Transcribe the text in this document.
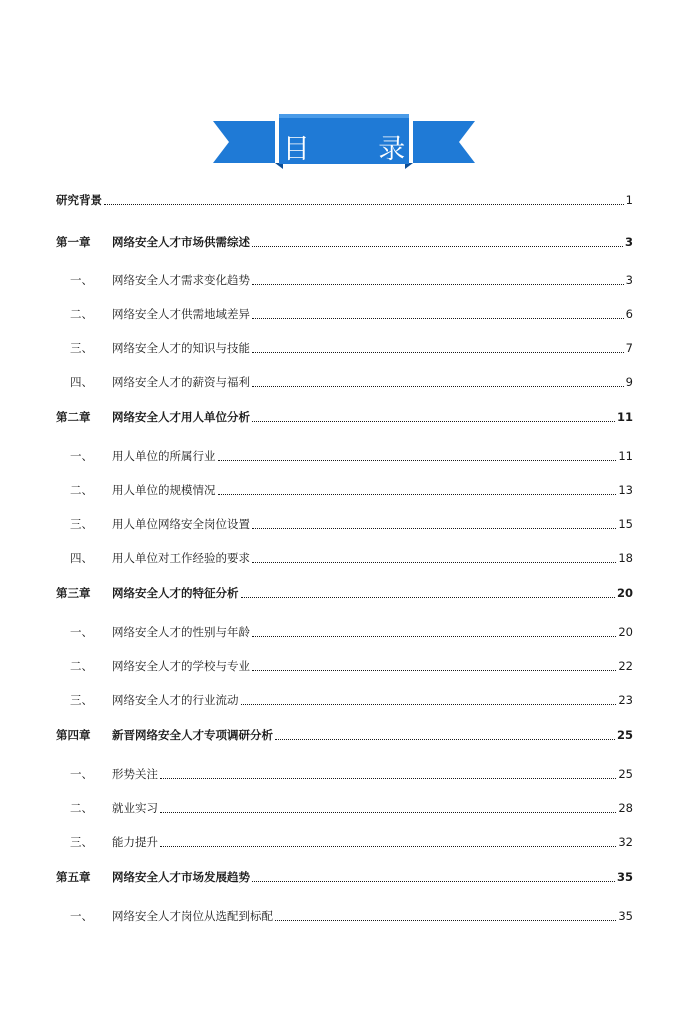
目 录
研究背景	1
第一章	网络安全人才市场供需综述	3
一、	网络安全人才需求变化趋势	3
二、	网络安全人才供需地域差异	6
三、	网络安全人才的知识与技能	7
四、	网络安全人才的薪资与福利	9
第二章	网络安全人才用人单位分析	11
一、	用人单位的所属行业	11
二、	用人单位的规模情况	13
三、	用人单位网络安全岗位设置	15
四、	用人单位对工作经验的要求	18
第三章	网络安全人才的特征分析	20
一、	网络安全人才的性别与年龄	20
二、	网络安全人才的学校与专业	22
三、	网络安全人才的行业流动	23
第四章	新晋网络安全人才专项调研分析	25
一、	形势关注	25
二、	就业实习	28
三、	能力提升	32
第五章	网络安全人才市场发展趋势	35
一、	网络安全人才岗位从选配到标配	35
